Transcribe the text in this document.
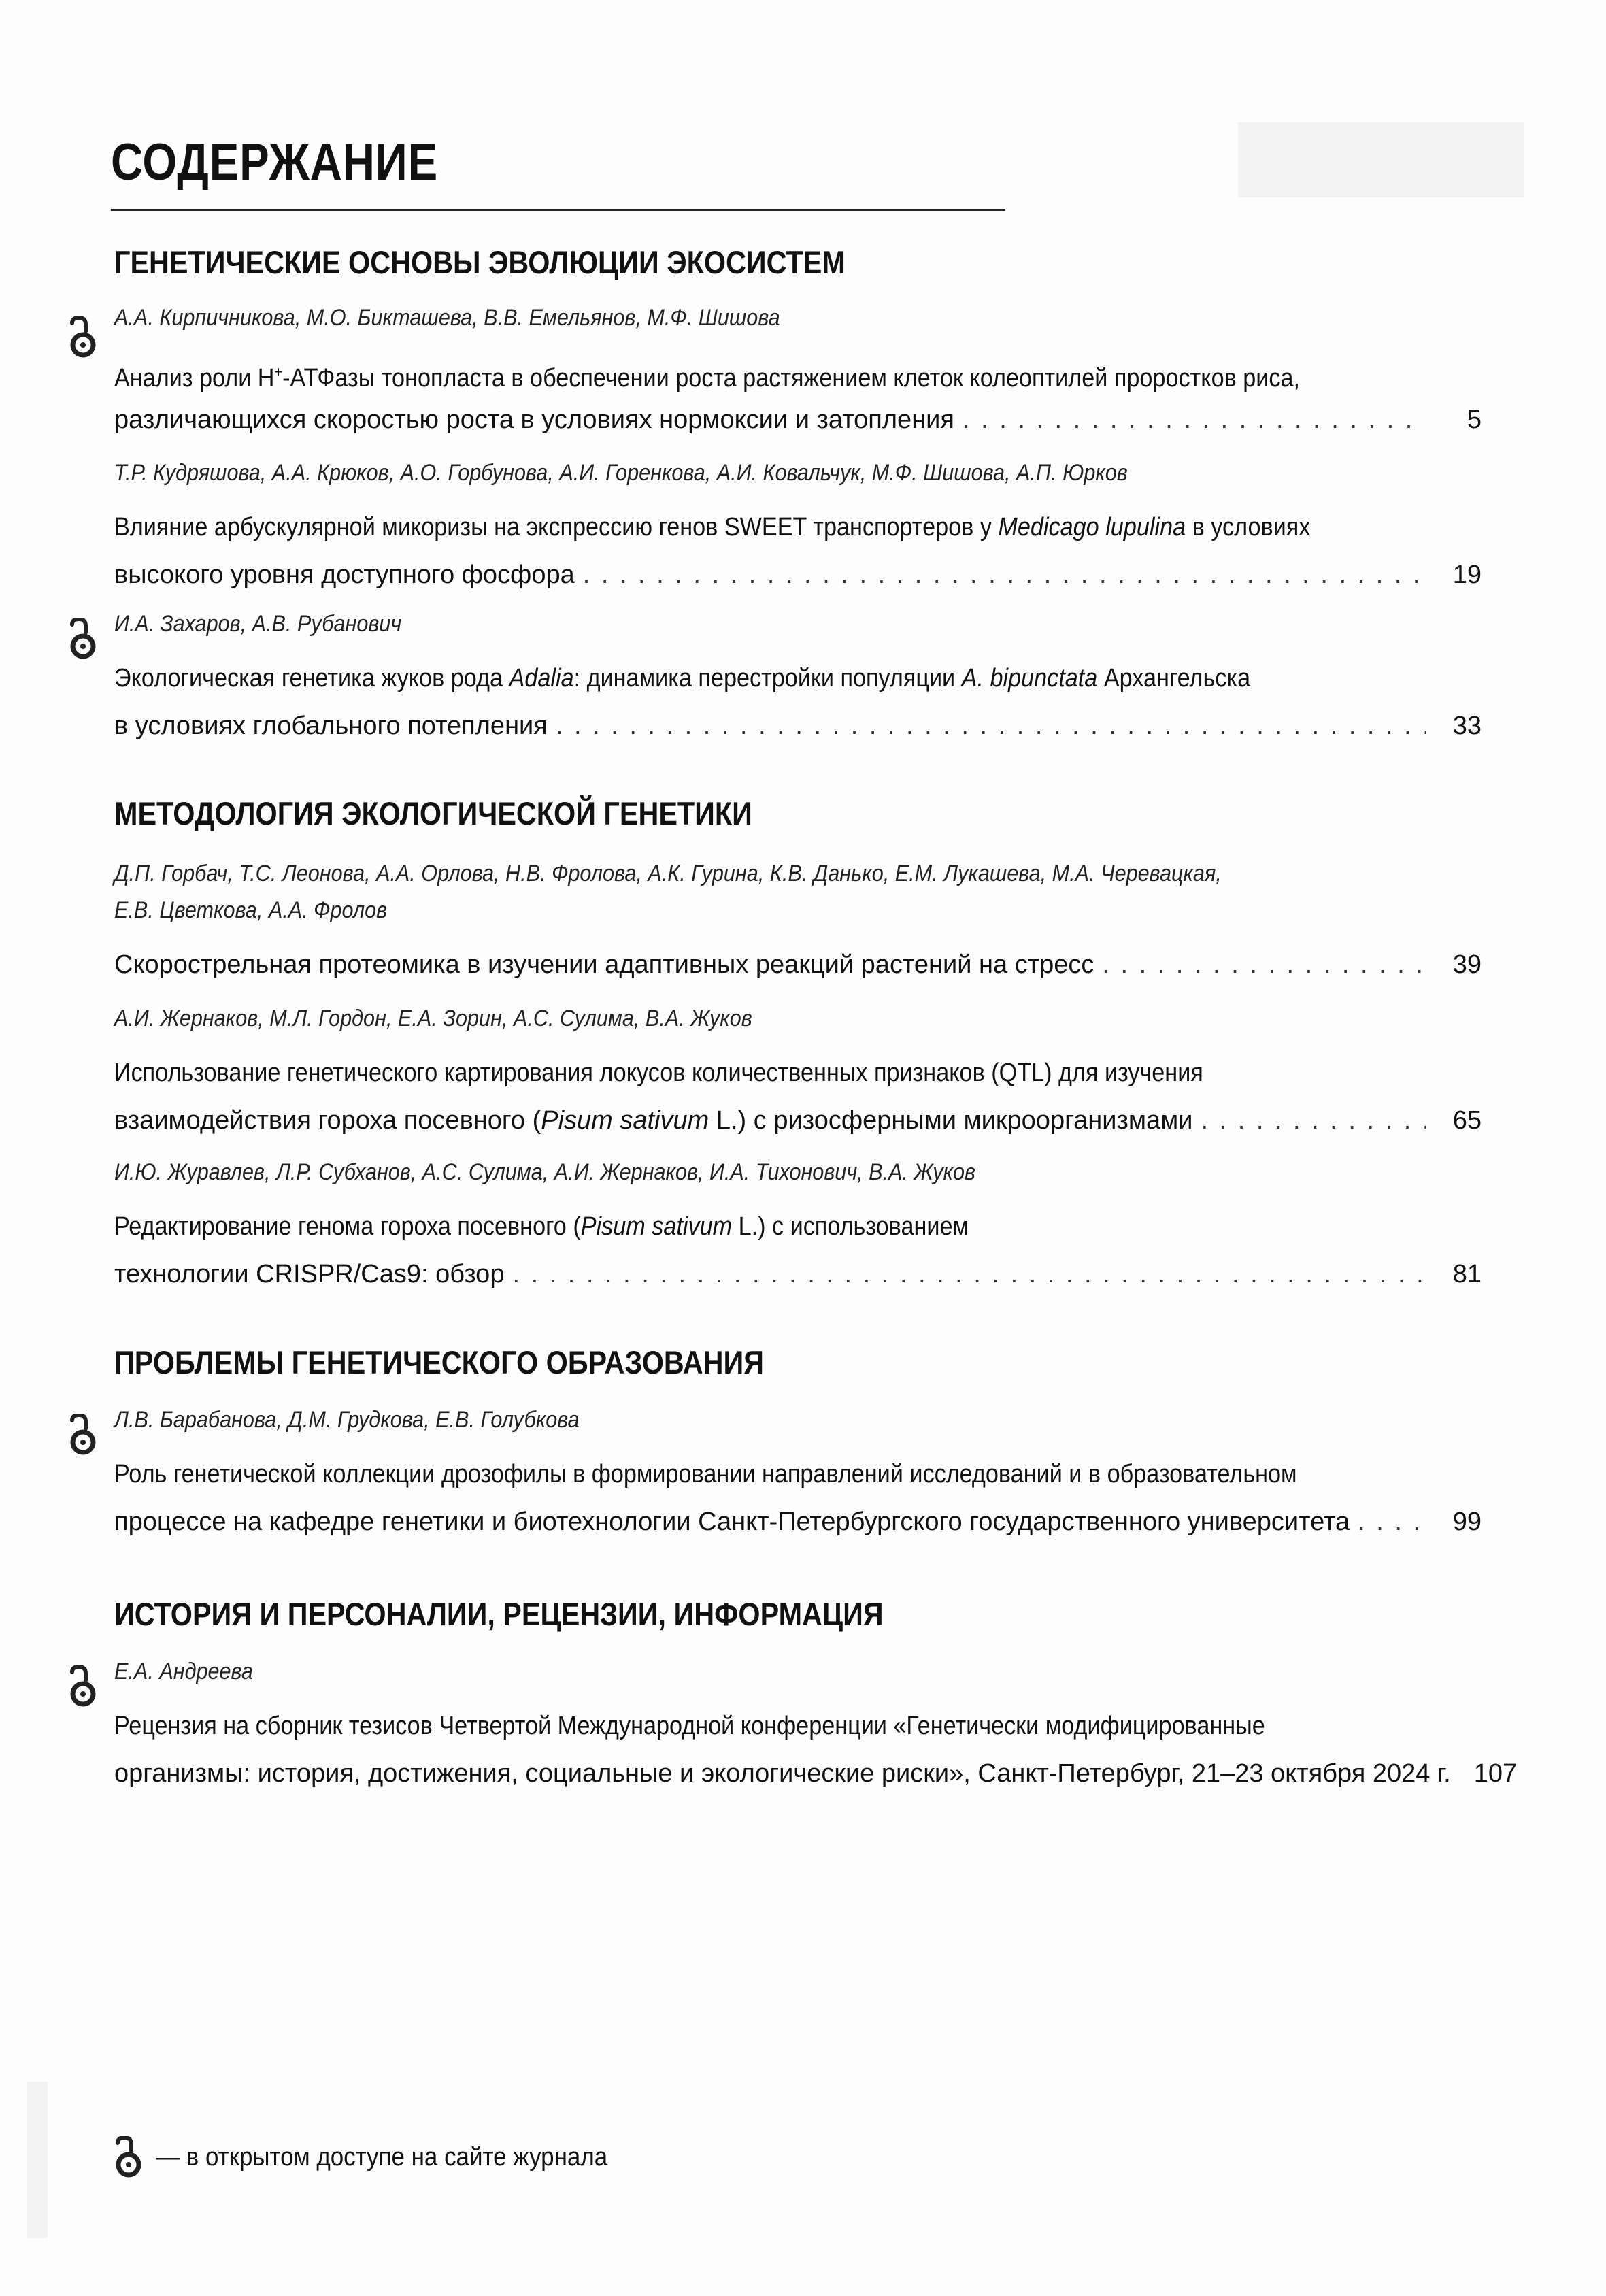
СОДЕРЖАНИЕ
ГЕНЕТИЧЕСКИЕ ОСНОВЫ ЭВОЛЮЦИИ ЭКОСИСТЕМ
А.А. Кирпичникова, М.О. Бикташева, В.В. Емельянов, М.Ф. Шишова
Анализ роли H+-АТФазы тонопласта в обеспечении роста растяжением клеток колеоптилей проростков риса,
различающихся скоростью роста в условиях нормоксии и затопления . . .	5
Т.Р. Кудряшова, А.А. Крюков, А.О. Горбунова, А.И. Горенкова, А.И. Ковальчук, М.Ф. Шишова, А.П. Юрков
Влияние арбускулярной микоризы на экспрессию генов SWEET транспортеров у Medicago lupulina в условиях
высокого уровня доступного фосфора . . .	19
И.А. Захаров, А.В. Рубанович
Экологическая генетика жуков рода Adalia: динамика перестройки популяции A. bipunctata Архангельска
в условиях глобального потепления . . .	33
МЕТОДОЛОГИЯ ЭКОЛОГИЧЕСКОЙ ГЕНЕТИКИ
Д.П. Горбач, Т.С. Леонова, А.А. Орлова, Н.В. Фролова, А.К. Гурина, К.В. Данько, Е.М. Лукашева, М.А. Черевацкая,
Е.В. Цветкова, А.А. Фролов
Скорострельная протеомика в изучении адаптивных реакций растений на стресс . . .	39
А.И. Жернаков, М.Л. Гордон, Е.А. Зорин, А.С. Сулима, В.А. Жуков
Использование генетического картирования локусов количественных признаков (QTL) для изучения
взаимодействия гороха посевного (Pisum sativum L.) с ризосферными микроорганизмами . . .	65
И.Ю. Журавлев, Л.Р. Субханов, А.С. Сулима, А.И. Жернаков, И.А. Тихонович, В.А. Жуков
Редактирование генома гороха посевного (Pisum sativum L.) с использованием
технологии CRISPR/Cas9: обзор . . .	81
ПРОБЛЕМЫ ГЕНЕТИЧЕСКОГО ОБРАЗОВАНИЯ
Л.В. Барабанова, Д.М. Грудкова, Е.В. Голубкова
Роль генетической коллекции дрозофилы в формировании направлений исследований и в образовательном
процессе на кафедре генетики и биотехнологии Санкт-Петербургского государственного университета . . .	99
ИСТОРИЯ И ПЕРСОНАЛИИ, РЕЦЕНЗИИ, ИНФОРМАЦИЯ
Е.А. Андреева
Рецензия на сборник тезисов Четвертой Международной конференции «Генетически модифицированные
организмы: история, достижения, социальные и экологические риски», Санкт-Петербург, 21–23 октября 2024 г. 107
— в открытом доступе на сайте журнала
